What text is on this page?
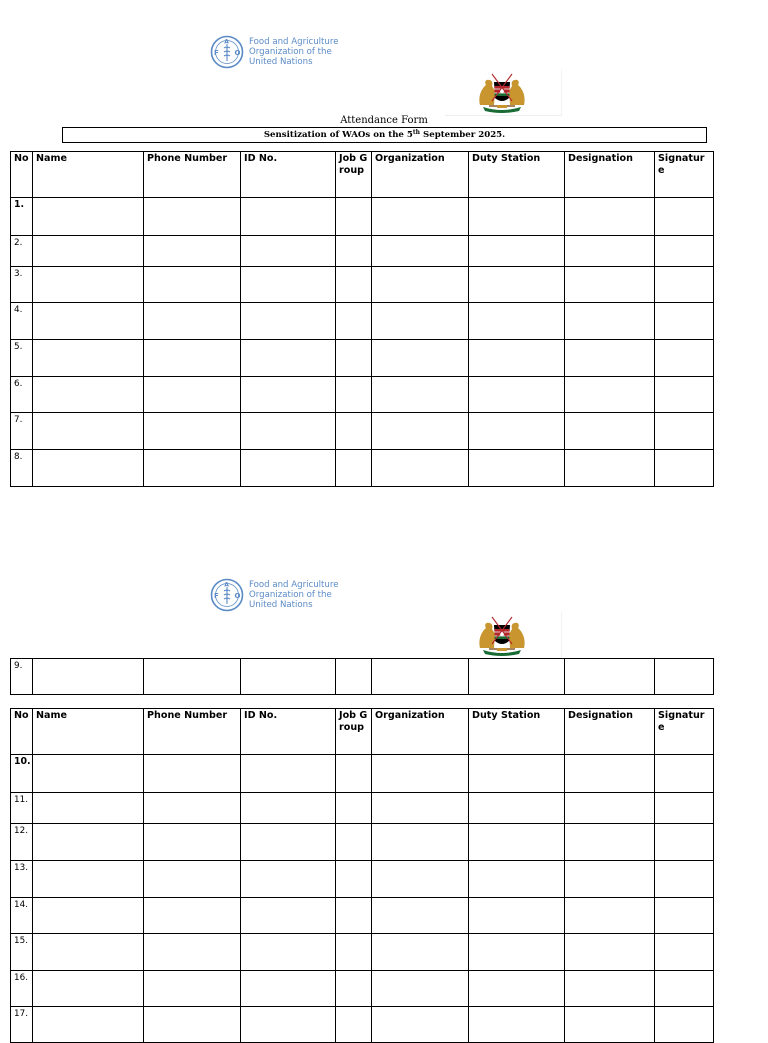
F
A
O
Food and Agriculture
Organization of the
United Nations
Attendance Form
Sensitization of WAOs on the 5th September 2025.
No	Name	Phone Number	ID No.	Job Group	Organization	Duty Station	Designation	Signature
1.								
2.								
3.								
4.								
5.								
6.								
7.								
8.								
F
A
O
Food and Agriculture
Organization of the
United Nations
9.								
No	Name	Phone Number	ID No.	Job Group	Organization	Duty Station	Designation	Signature
10.								
11.								
12.								
13.								
14.								
15.								
16.								
17.								
